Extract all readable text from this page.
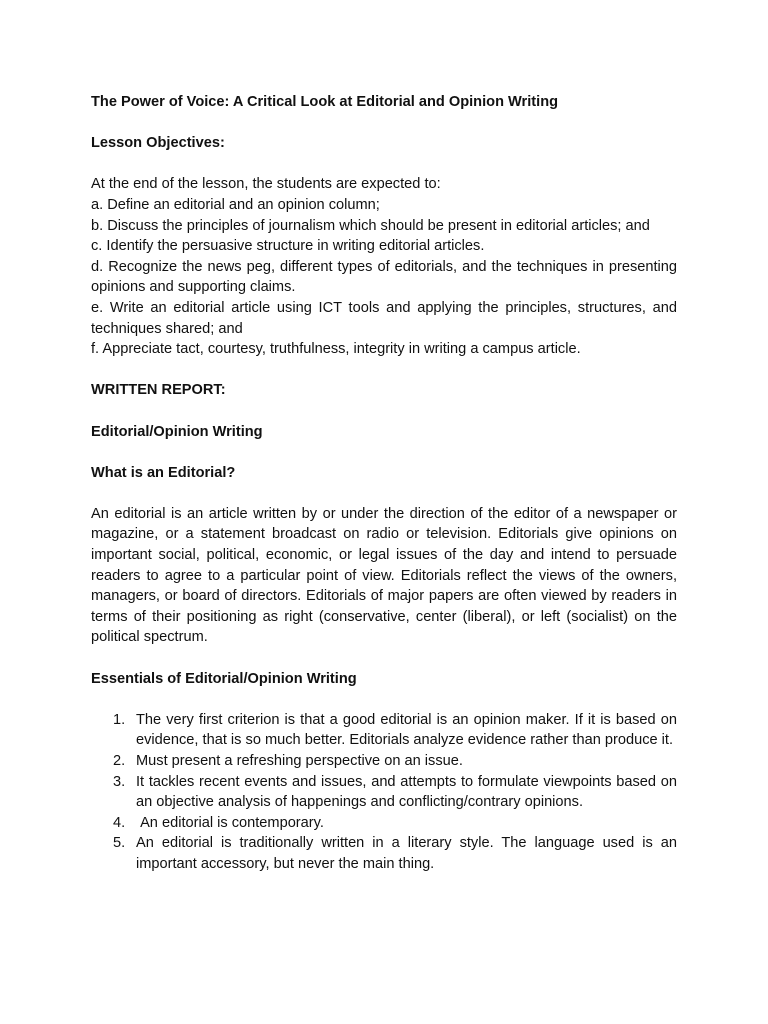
The Power of Voice: A Critical Look at Editorial and Opinion Writing

Lesson Objectives:

At the end of the lesson, the students are expected to:

a. Define an editorial and an opinion column;

b. Discuss the principles of journalism which should be present in editorial articles; and

c. Identify the persuasive structure in writing editorial articles.

d. Recognize the news peg, different types of editorials, and the techniques in presenting opinions and supporting claims.

e. Write an editorial article using ICT tools and applying the principles, structures, and techniques shared; and

f. Appreciate tact, courtesy, truthfulness, integrity in writing a campus article.

WRITTEN REPORT:

Editorial/Opinion Writing

What is an Editorial?

An editorial is an article written by or under the direction of the editor of a newspaper or magazine, or a statement broadcast on radio or television. Editorials give opinions on important social, political, economic, or legal issues of the day and intend to persuade readers to agree to a particular point of view. Editorials reflect the views of the owners, managers, or board of directors. Editorials of major papers are often viewed by readers in terms of their positioning as right (conservative, center (liberal), or left (socialist) on the political spectrum.

Essentials of Editorial/Opinion Writing

1. The very first criterion is that a good editorial is an opinion maker. If it is based on evidence, that is so much better. Editorials analyze evidence rather than produce it.
2. Must present a refreshing perspective on an issue.
3. It tackles recent events and issues, and attempts to formulate viewpoints based on an objective analysis of happenings and conflicting/contrary opinions.
4. An editorial is contemporary.
5. An editorial is traditionally written in a literary style. The language used is an important accessory, but never the main thing.
